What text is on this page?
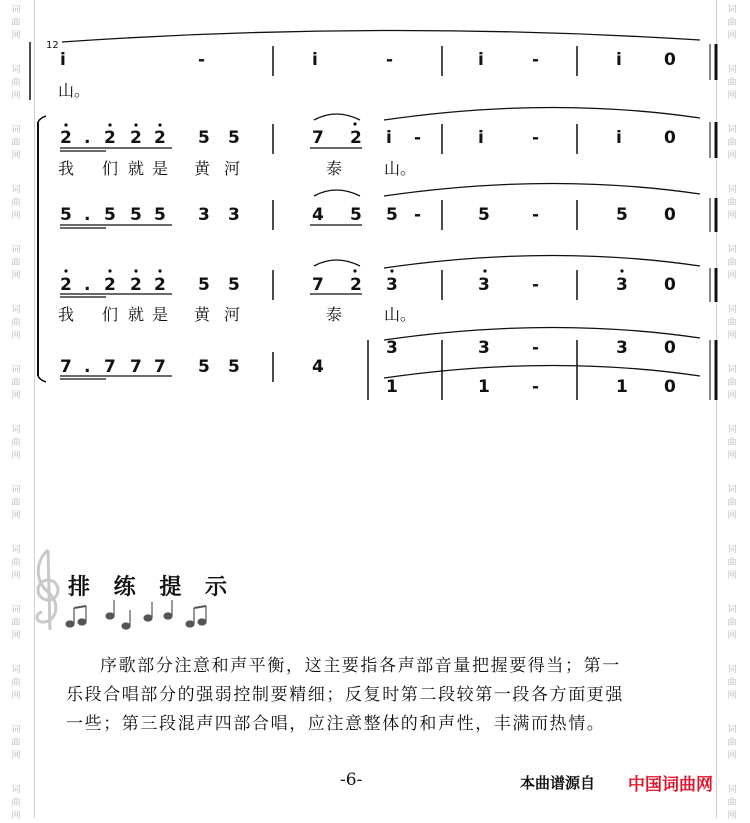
词
曲
网
词
曲
网
词
曲
网
词
曲
网
词
曲
网
词
曲
网
词
曲
网
词
曲
网
词
曲
网
词
曲
网
词
曲
网
词
曲
网
词
曲
网
词
曲
网
词
曲
网
词
曲
网
词
曲
网
词
曲
网
词
曲
网
词
曲
网
词
曲
网
词
曲
网
词
曲
网
词
曲
网
词
曲
网
词
曲
网
词
曲
网
词
曲
网
12
i	-	i	-	i	-	i 0
山。
2 . 2 2 2 5 5	7 2 i -	i	-	i 0
我 们 就 是 黄 河	泰	山。
5 . 5 5 5 3 3	4 5 5 -	5 -	5 0
2 . 2 2 2 5 5	7 2 3	3 -	3 0
我 们 就 是 黄 河	泰	山。
7 . 7 7 7 5 5	4
3	3 -	3 0
1	1 -	1 0
排 练 提 示
序歌部分注意和声平衡，这主要指各声部音量把握要得当；第一乐段合唱部分的强弱控制要精细；反复时第二段较第一段各方面更强一些；第三段混声四部合唱，应注意整体的和声性，丰满而热情。
-6-	本曲谱源自 中国词曲网
